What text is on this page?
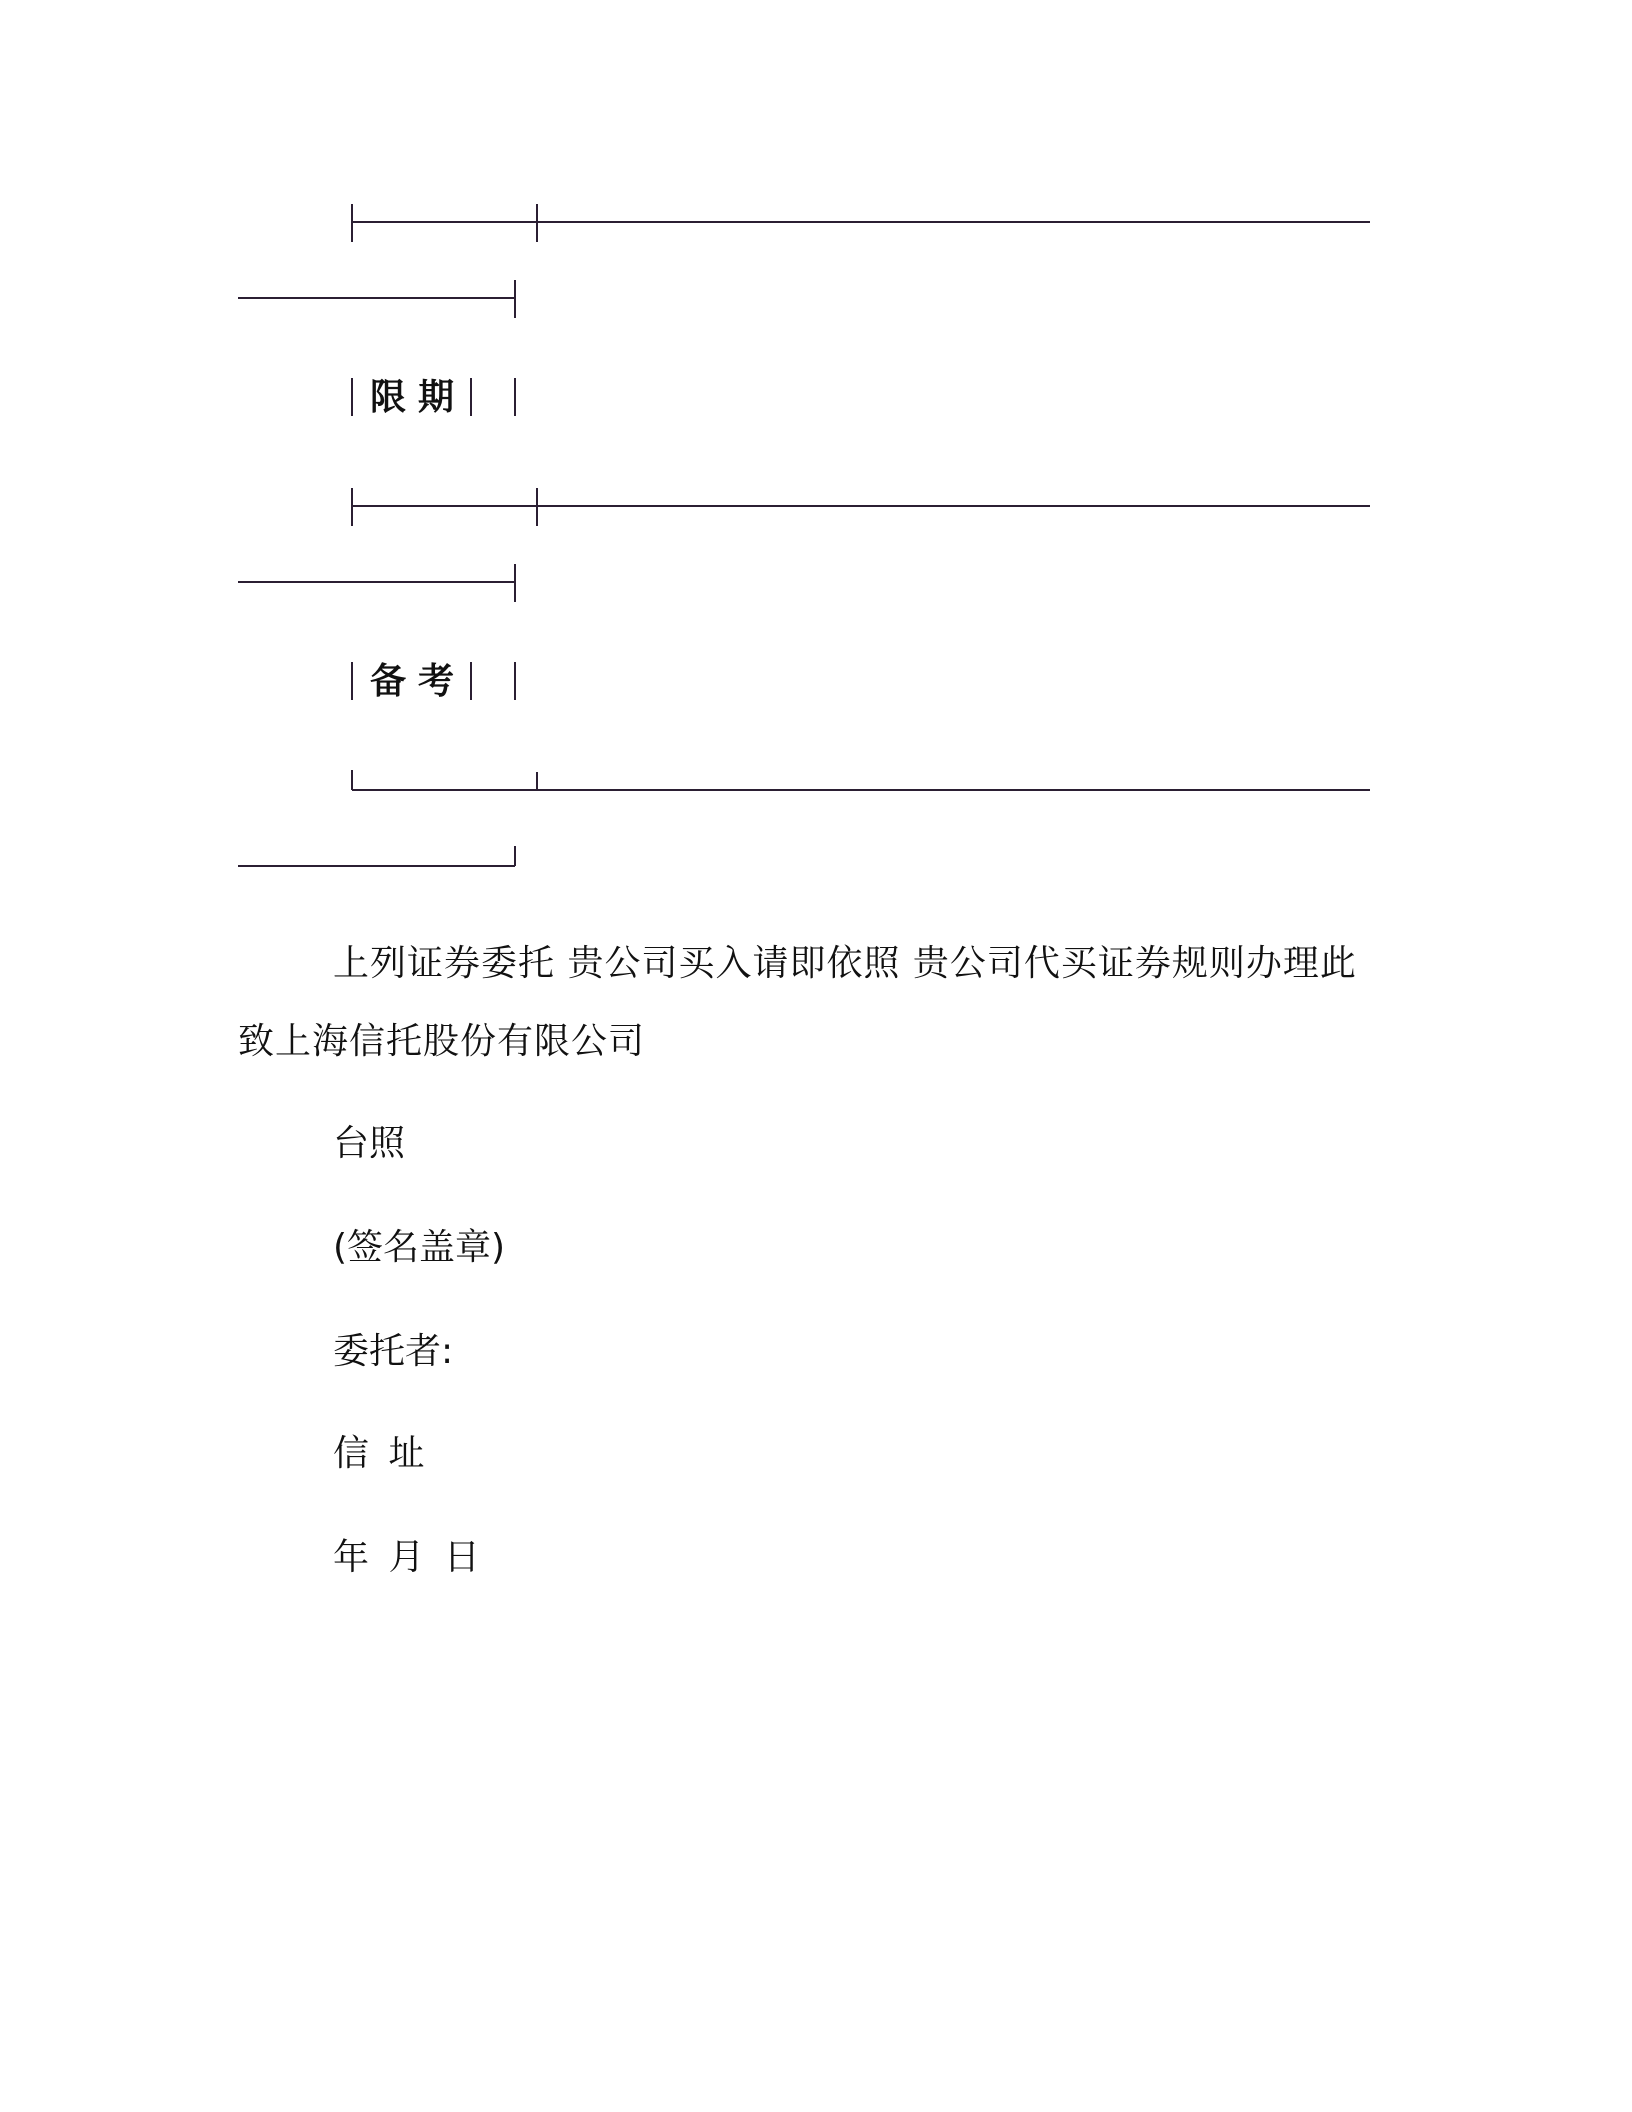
限期
备考
上列证券委托 贵公司买入请即依照 贵公司代买证券规则办理此
致上海信托股份有限公司
台照
(签名盖章)
委托者:
信 址
年 月 日
